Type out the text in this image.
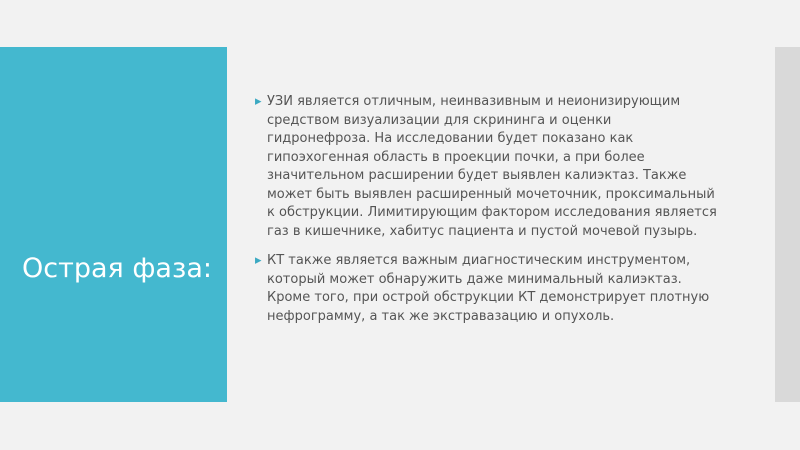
Острая фаза:
▸ УЗИ является отличным, неинвазивным и неионизирующим средством визуализации для скрининга и оценки гидронефроза. На исследовании будет показано как гипоэхогенная область в проекции почки, а при более значительном расширении будет выявлен калиэктаз. Также может быть выявлен расширенный мочеточник, проксимальный к обструкции. Лимитирующим фактором исследования является газ в кишечнике, хабитус пациента и пустой мочевой пузырь.
▸ КТ также является важным диагностическим инструментом, который может обнаружить даже минимальный калиэктаз. Кроме того, при острой обструкции КТ демонстрирует плотную нефрограмму, а так же экстравазацию и опухоль.
